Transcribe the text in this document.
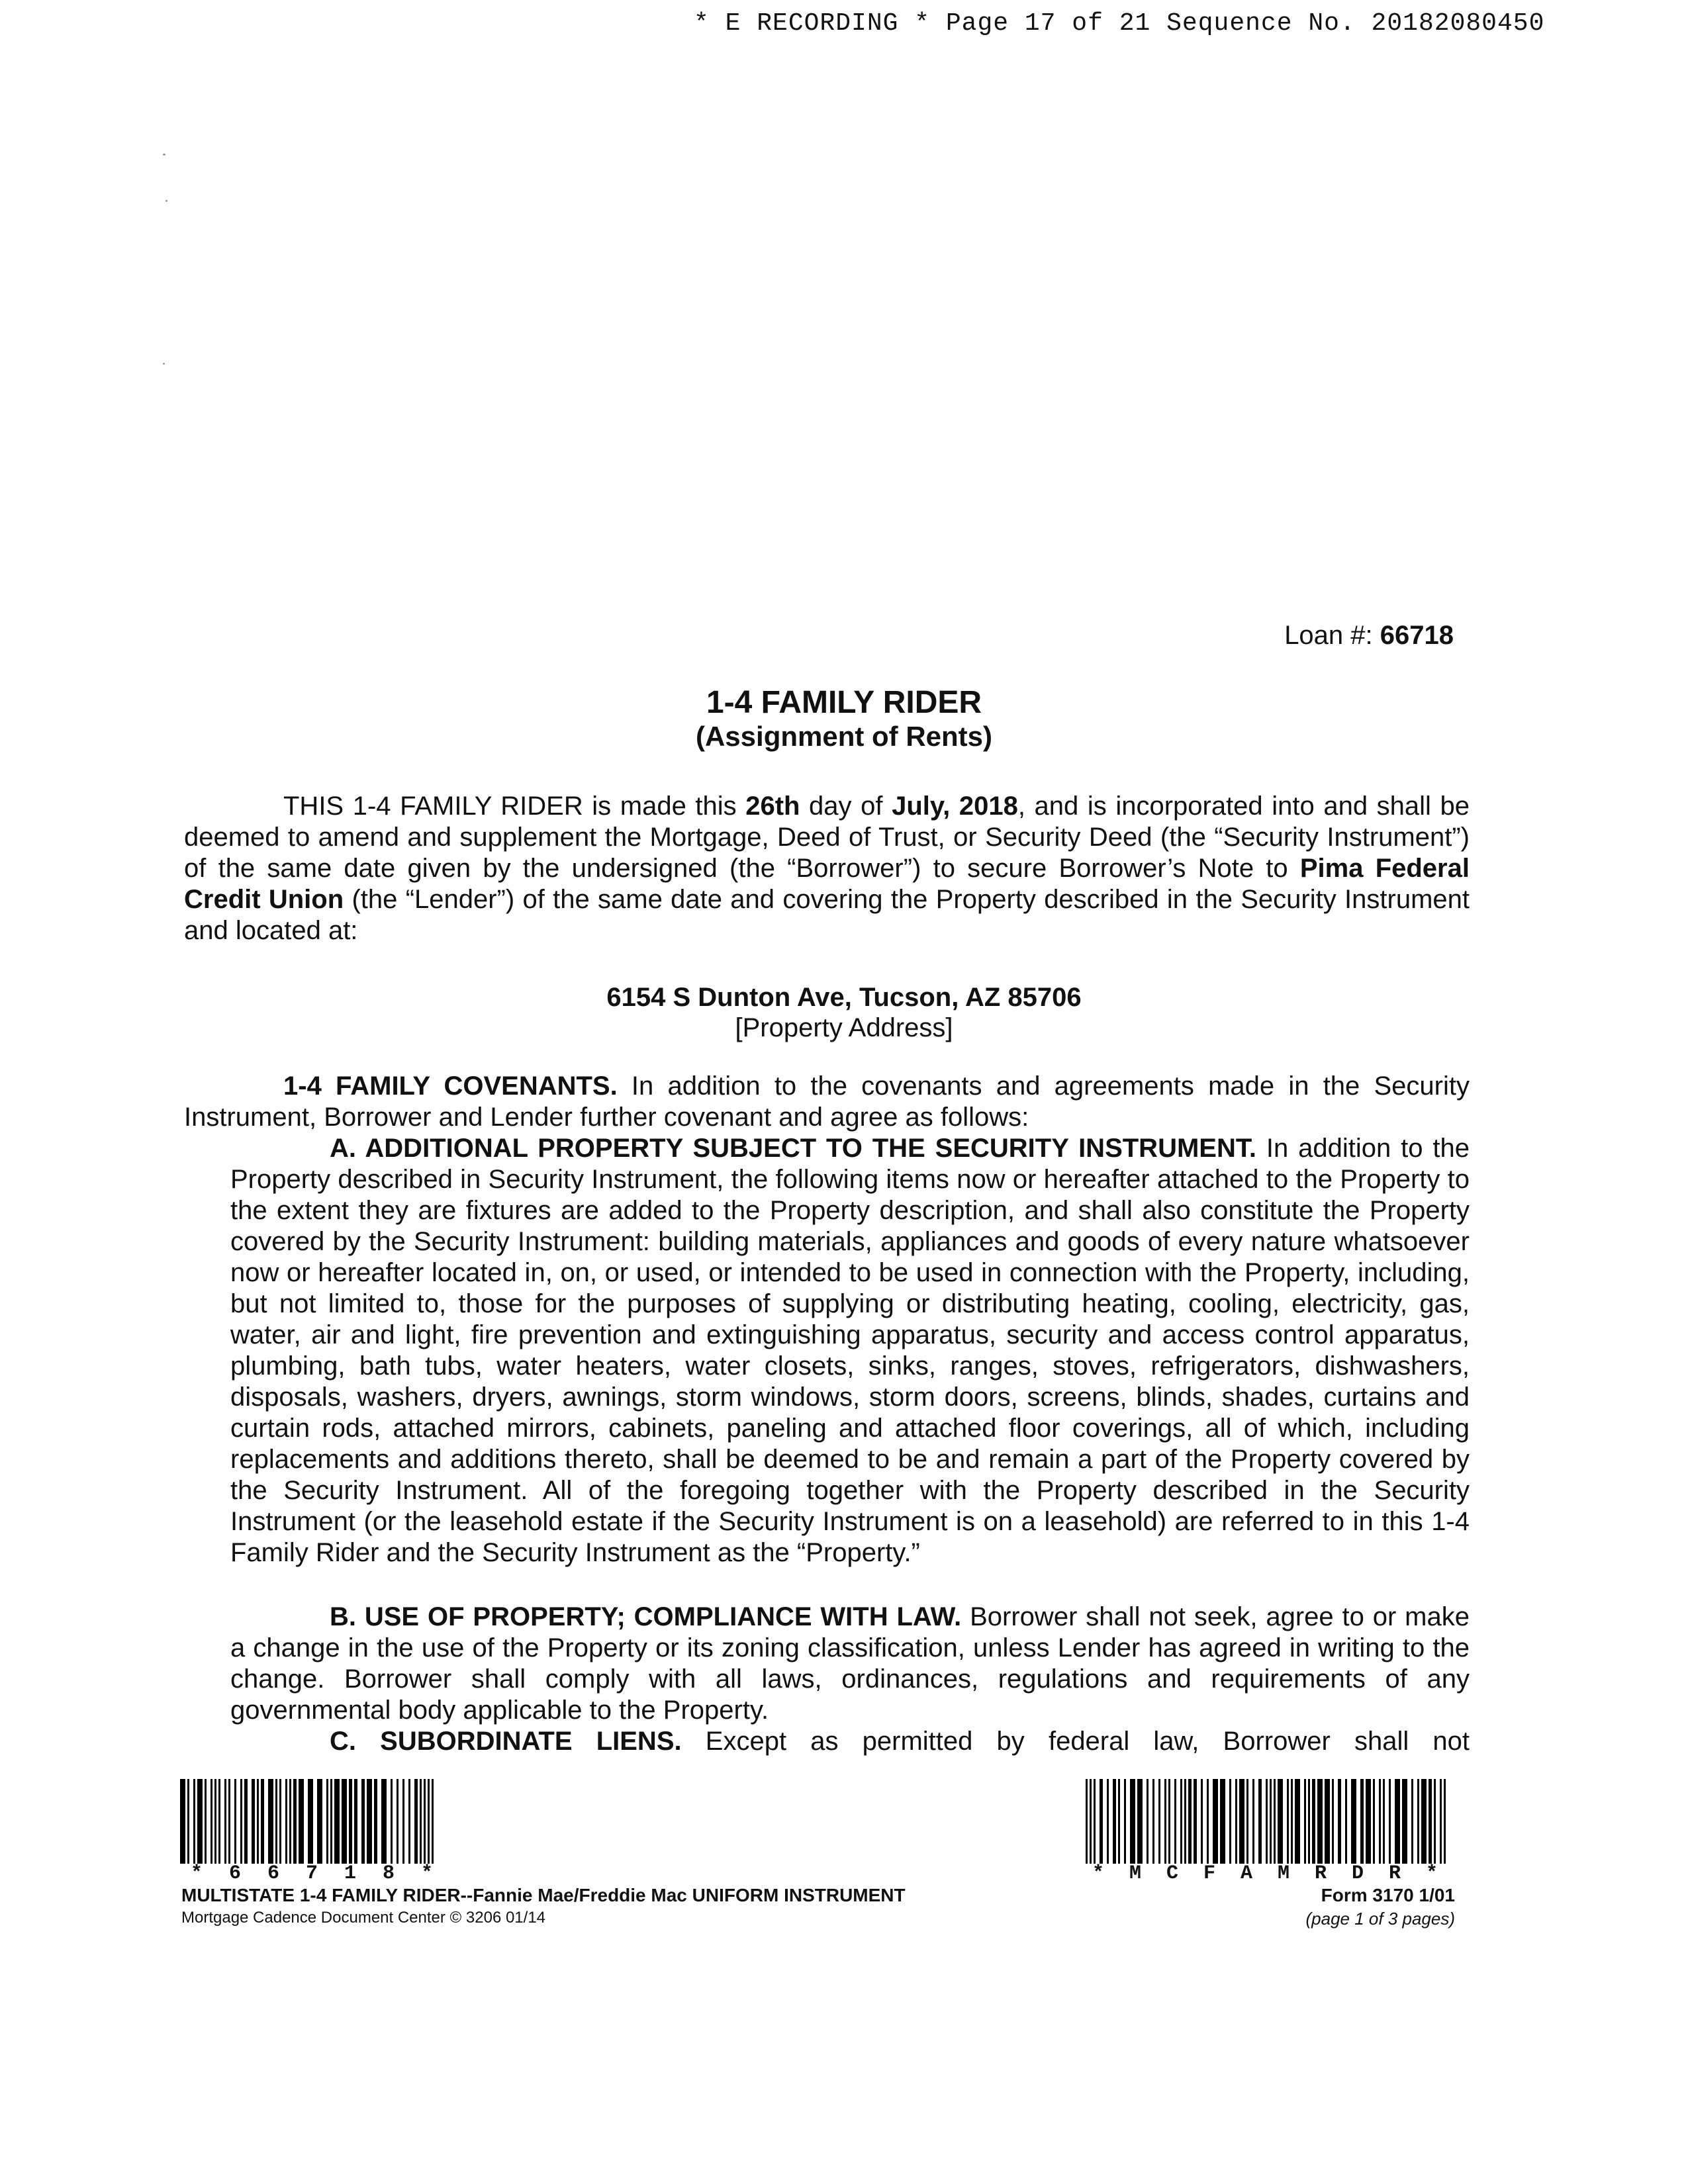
* E RECORDING * Page 17 of 21 Sequence No. 20182080450
Loan #: 66718
1-4 FAMILY RIDER
(Assignment of Rents)
THIS 1-4 FAMILY RIDER is made this 26th day of July, 2018, and is incorporated into and shall be deemed to amend and supplement the Mortgage, Deed of Trust, or Security Deed (the “Security Instrument”) of the same date given by the undersigned (the “Borrower”) to secure Borrower’s Note to Pima Federal Credit Union (the “Lender”) of the same date and covering the Property described in the Security Instrument and located at:
6154 S Dunton Ave, Tucson, AZ 85706
[Property Address]
1-4 FAMILY COVENANTS. In addition to the covenants and agreements made in the Security Instrument, Borrower and Lender further covenant and agree as follows:
A. ADDITIONAL PROPERTY SUBJECT TO THE SECURITY INSTRUMENT. In addition to the Property described in Security Instrument, the following items now or hereafter attached to the Property to the extent they are fixtures are added to the Property description, and shall also constitute the Property covered by the Security Instrument: building materials, appliances and goods of every nature whatsoever now or hereafter located in, on, or used, or intended to be used in connection with the Property, including, but not limited to, those for the purposes of supplying or distributing heating, cooling, electricity, gas, water, air and light, fire prevention and extinguishing apparatus, security and access control apparatus, plumbing, bath tubs, water heaters, water closets, sinks, ranges, stoves, refrigerators, dishwashers, disposals, washers, dryers, awnings, storm windows, storm doors, screens, blinds, shades, curtains and curtain rods, attached mirrors, cabinets, paneling and attached floor coverings, all of which, including replacements and additions thereto, shall be deemed to be and remain a part of the Property covered by the Security Instrument. All of the foregoing together with the Property described in the Security Instrument (or the leasehold estate if the Security Instrument is on a leasehold) are referred to in this 1-4 Family Rider and the Security Instrument as the “Property.”
B. USE OF PROPERTY; COMPLIANCE WITH LAW. Borrower shall not seek, agree to or make a change in the use of the Property or its zoning classification, unless Lender has agreed in writing to the change. Borrower shall comply with all laws, ordinances, regulations and requirements of any governmental body applicable to the Property.
C. SUBORDINATE LIENS. Except as permitted by federal law, Borrower shall not
*66718*	*MCFAMRDR*
MULTISTATE 1-4 FAMILY RIDER--Fannie Mae/Freddie Mac UNIFORM INSTRUMENT
Mortgage Cadence Document Center © 3206 01/14
Form 3170 1/01
(page 1 of 3 pages)
